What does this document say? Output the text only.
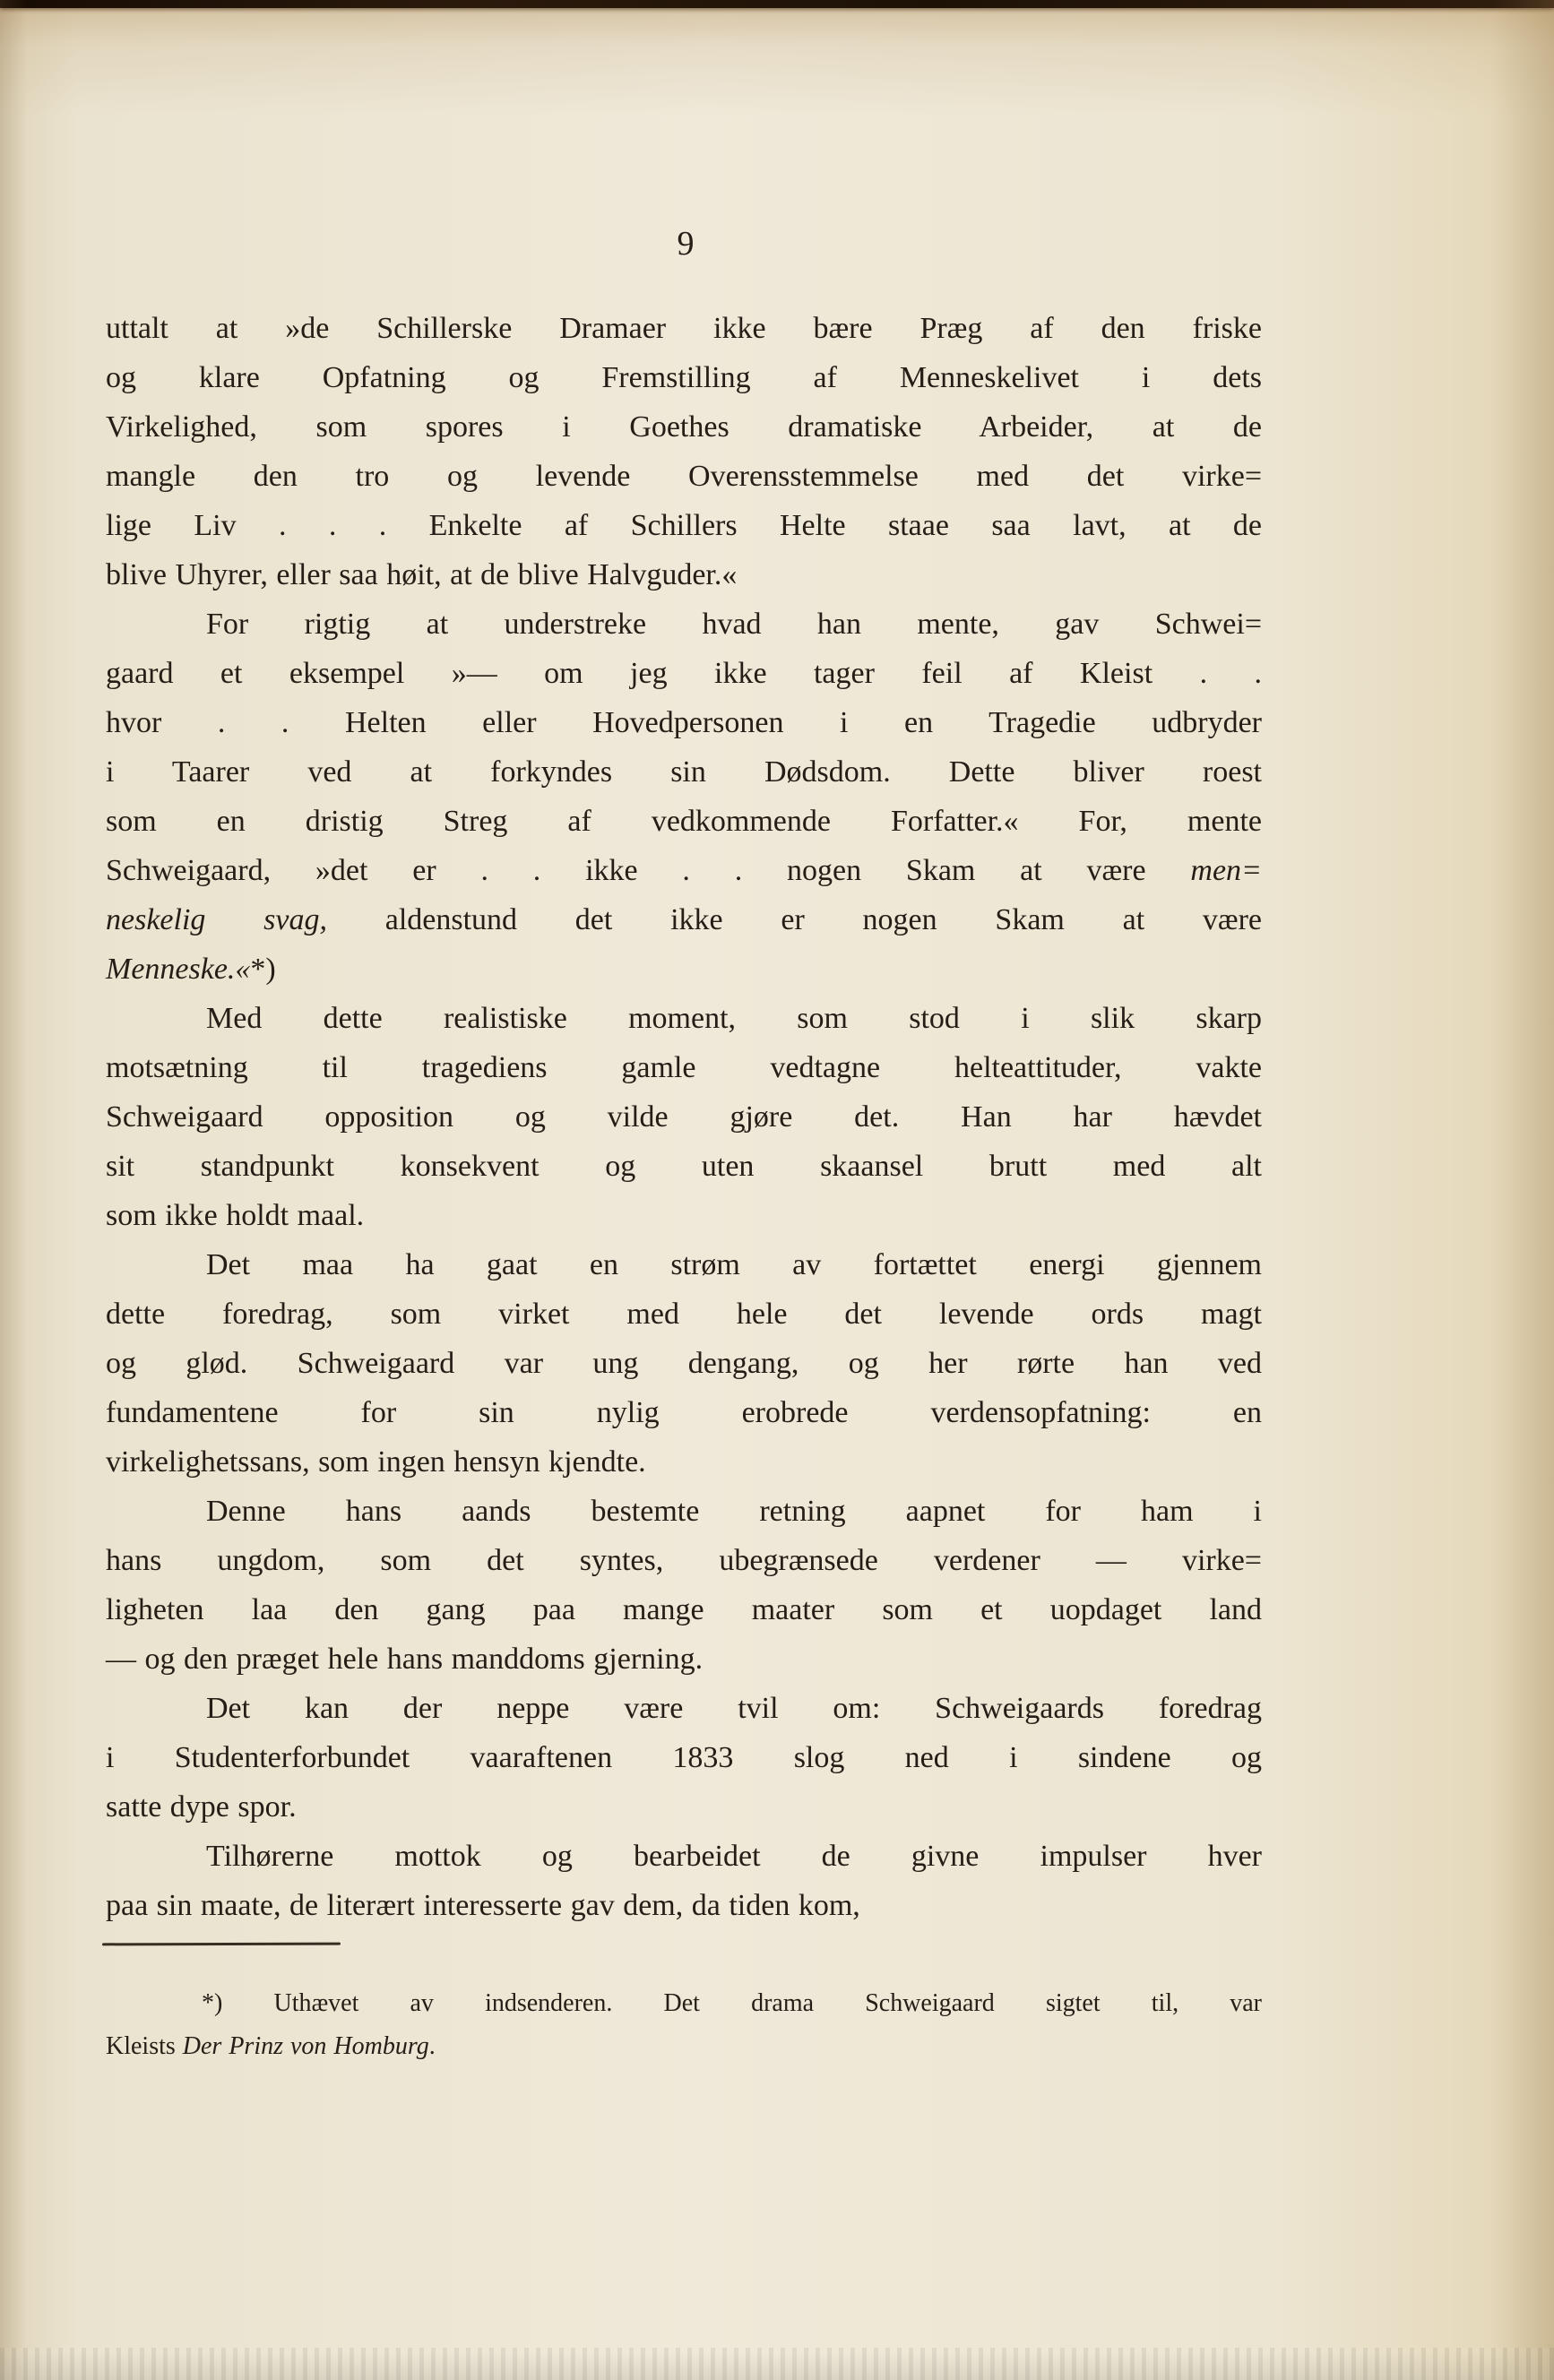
9
uttalt at »de Schillerske Dramaer ikke bære Præg af den friske
og klare Opfatning og Fremstilling af Menneskelivet i dets
Virkelighed, som spores i Goethes dramatiske Arbeider, at de
mangle den tro og levende Overensstemmelse med det virke=
lige Liv . . . Enkelte af Schillers Helte staae saa lavt, at de
blive Uhyrer, eller saa høit, at de blive Halvguder.«
For rigtig at understreke hvad han mente, gav Schwei=
gaard et eksempel »— om jeg ikke tager feil af Kleist . .
hvor . . Helten eller Hovedpersonen i en Tragedie udbryder
i Taarer ved at forkyndes sin Dødsdom. Dette bliver roest
som en dristig Streg af vedkommende Forfatter.« For, mente
Schweigaard, »det er . . ikke . . nogen Skam at være men=
neskelig svag, aldenstund det ikke er nogen Skam at være
Menneske.«*)
Med dette realistiske moment, som stod i slik skarp
motsætning til tragediens gamle vedtagne helteattituder, vakte
Schweigaard opposition og vilde gjøre det. Han har hævdet
sit standpunkt konsekvent og uten skaansel brutt med alt
som ikke holdt maal.
Det maa ha gaat en strøm av fortættet energi gjennem
dette foredrag, som virket med hele det levende ords magt
og glød. Schweigaard var ung dengang, og her rørte han ved
fundamentene for sin nylig erobrede verdensopfatning: en
virkelighetssans, som ingen hensyn kjendte.
Denne hans aands bestemte retning aapnet for ham i
hans ungdom, som det syntes, ubegrænsede verdener — virke=
ligheten laa den gang paa mange maater som et uopdaget land
— og den præget hele hans manddoms gjerning.
Det kan der neppe være tvil om: Schweigaards foredrag
i Studenterforbundet vaaraftenen 1833 slog ned i sindene og
satte dype spor.
Tilhørerne mottok og bearbeidet de givne impulser hver
paa sin maate, de literært interesserte gav dem, da tiden kom,
*) Uthævet av indsenderen. Det drama Schweigaard sigtet til, var
Kleists Der Prinz von Homburg.
